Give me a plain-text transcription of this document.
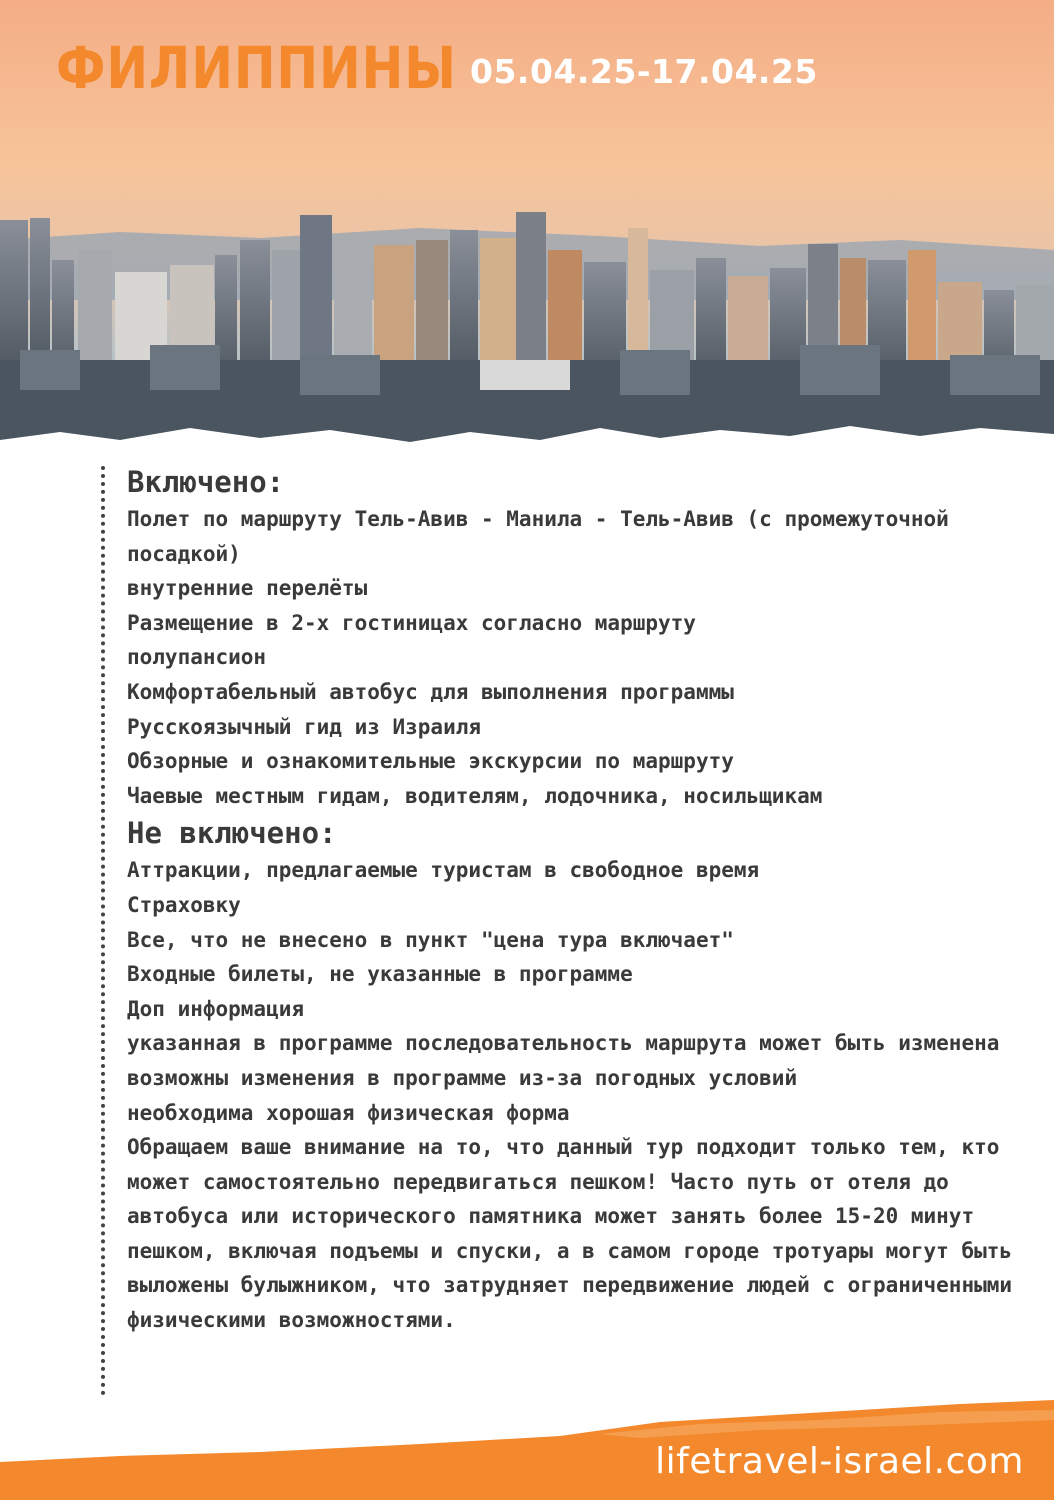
ФИЛИППИНЫ 05.04.25-17.04.25
Включено:
Полет по маршруту Тель-Авив - Манила - Тель-Авив (с промежуточной посадкой)
внутренние перелёты
Размещение в 2-х гостиницах согласно маршруту
полупансион
Комфортабельный автобус для выполнения программы
Русскоязычный гид из Израиля
Обзорные и ознакомительные экскурсии по маршруту
Чаевые местным гидам, водителям, лодочника, носильщикам
Не включено:
Аттракции, предлагаемые туристам в свободное время
Страховку
Все, что не внесено в пункт "цена тура включает"
Входные билеты, не указанные в программе
Доп информация
указанная в программе последовательность маршрута может быть изменена
возможны изменения в программе из-за погодных условий
необходима хорошая физическая форма
Обращаем ваше внимание на то, что данный тур подходит только тем, кто может самостоятельно передвигаться пешком! Часто путь от отеля до автобуса или исторического памятника может занять более 15-20 минут пешком, включая подъемы и спуски, а в самом городе тротуары могут быть выложены булыжником, что затрудняет передвижение людей с ограниченными физическими возможностями.
lifetravel-israel.com
